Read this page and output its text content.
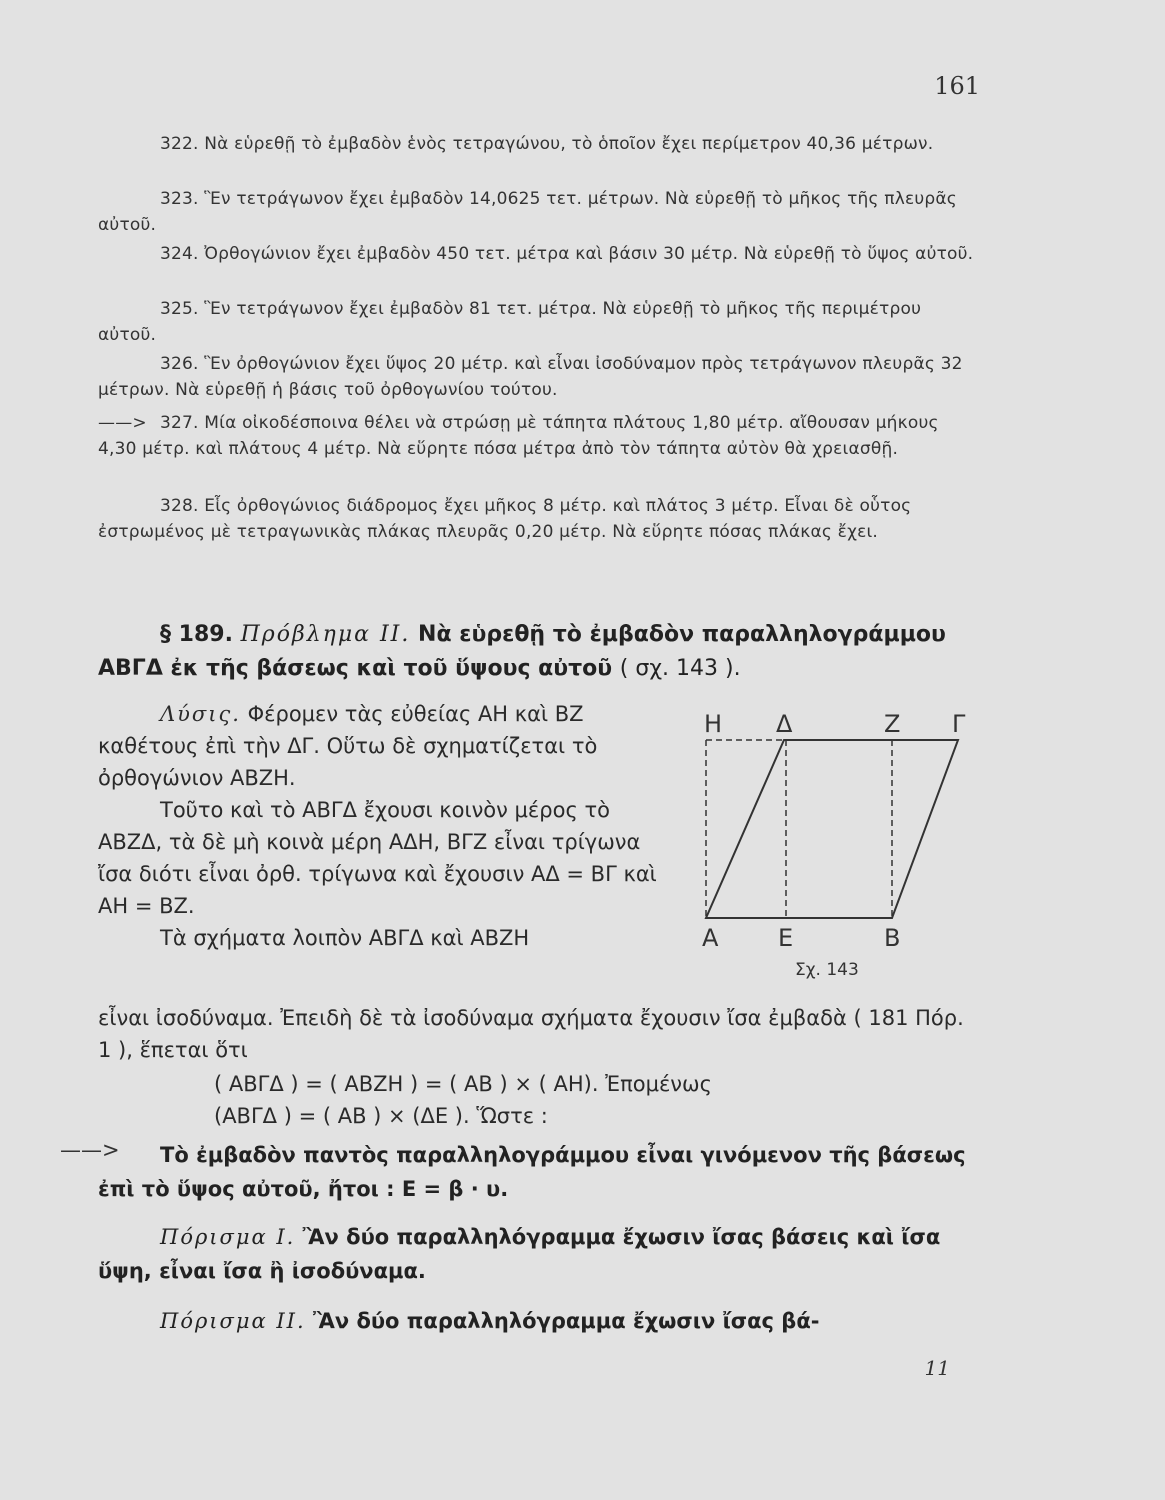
161

322. Νὰ εὑρεθῇ τὸ ἐμβαδὸν ἑνὸς τετραγώνου, τὸ ὁποῖον ἔχει περίμετρον 40,36 μέτρων.

323. Ἓν τετράγωνον ἔχει ἐμβαδὸν 14,0625 τετ. μέτρων. Νὰ εὑρεθῇ τὸ μῆκος τῆς πλευρᾶς αὐτοῦ.

324. Ὀρθογώνιον ἔχει ἐμβαδὸν 450 τετ. μέτρα καὶ βάσιν 30 μέτρ. Νὰ εὑρεθῇ τὸ ὕψος αὐτοῦ.

325. Ἓν τετράγωνον ἔχει ἐμβαδὸν 81 τετ. μέτρα. Νὰ εὑρεθῇ τὸ μῆκος τῆς περιμέτρου αὐτοῦ.

326. Ἓν ὀρθογώνιον ἔχει ὕψος 20 μέτρ. καὶ εἶναι ἰσοδύναμον πρὸς τετράγωνον πλευρᾶς 32 μέτρων. Νὰ εὑρεθῇ ἡ βάσις τοῦ ὀρθογωνίου τούτου.

——> 327. Μία οἰκοδέσποινα θέλει νὰ στρώσῃ μὲ τάπητα πλάτους 1,80 μέτρ. αἴθουσαν μήκους 4,30 μέτρ. καὶ πλάτους 4 μέτρ. Νὰ εὕρητε πόσα μέτρα ἀπὸ τὸν τάπητα αὐτὸν θὰ χρειασθῇ.

328. Εἷς ὀρθογώνιος διάδρομος ἔχει μῆκος 8 μέτρ. καὶ πλάτος 3 μέτρ. Εἶναι δὲ οὗτος ἐστρωμένος μὲ τετραγωνικὰς πλάκας πλευρᾶς 0,20 μέτρ. Νὰ εὕρητε πόσας πλάκας ἔχει.

§ 189. Πρόβλημα II. Νὰ εὑρεθῇ τὸ ἐμβαδὸν παραλληλογράμμου ΑΒΓΔ ἐκ τῆς βάσεως καὶ τοῦ ὕψους αὐτοῦ ( σχ. 143 ).

Λύσις. Φέρομεν τὰς εὐθείας ΑΗ καὶ ΒΖ καθέτους ἐπὶ τὴν ΔΓ. Οὕτω δὲ σχηματίζεται τὸ ὀρθογώνιον ΑΒΖΗ.
Τοῦτο καὶ τὸ ΑΒΓΔ ἔχουσι κοινὸν μέρος τὸ ΑΒΖΔ, τὰ δὲ μὴ κοινὰ μέρη ΑΔΗ, ΒΓΖ εἶναι τρίγωνα ἴσα διότι εἶναι ὀρθ. τρίγωνα καὶ ἔχουσιν ΑΔ = ΒΓ καὶ ΑΗ = ΒΖ.
Τὰ σχήματα λοιπὸν ΑΒΓΔ καὶ ΑΒΖΗ

εἶναι ἰσοδύναμα. Ἐπειδὴ δὲ τὰ ἰσοδύναμα σχήματα ἔχουσιν ἴσα ἐμβαδὰ ( 181 Πόρ. 1 ), ἕπεται ὅτι

( ΑΒΓΔ ) = ( ΑΒΖΗ ) = ( ΑΒ ) × ( ΑΗ). Ἐπομένως

(ΑΒΓΔ ) = ( ΑΒ ) × (ΔΕ ). Ὥστε :

——>	Τὸ ἐμβαδὸν παντὸς παραλληλογράμμου εἶναι γινόμενον τῆς βάσεως ἐπὶ τὸ ὕψος αὐτοῦ, ἤτοι : Ε = β · υ.

Πόρισμα I. Ἂν δύο παραλληλόγραμμα ἔχωσιν ἴσας βάσεις καὶ ἴσα ὕψη, εἶναι ἴσα ἢ ἰσοδύναμα.

Πόρισμα II. Ἂν δύο παραλληλόγραμμα ἔχωσιν ἴσας βά-

Η Δ	Ζ Γ
Α Ε	Β
Σχ. 143
11
